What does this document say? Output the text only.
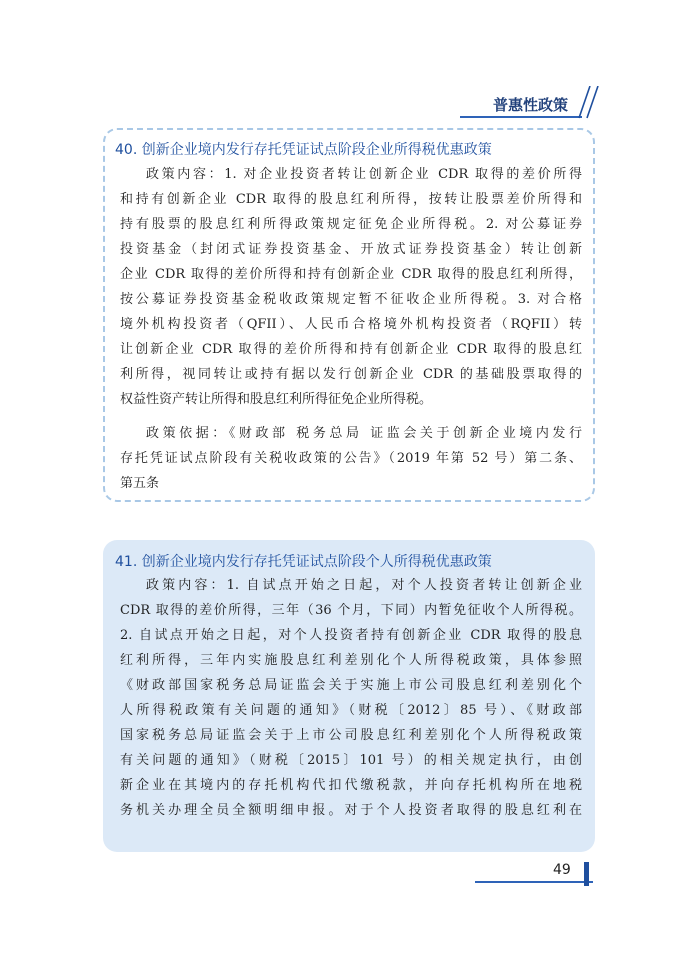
普惠性政策
40. 创新企业境内发行存托凭证试点阶段企业所得税优惠政策
政策内容：1. 对企业投资者转让创新企业 CDR 取得的差价所得
和持有创新企业 CDR 取得的股息红利所得，按转让股票差价所得和
持有股票的股息红利所得政策规定征免企业所得税。2. 对公募证券
投资基金（封闭式证券投资基金、开放式证券投资基金）转让创新
企业 CDR 取得的差价所得和持有创新企业 CDR 取得的股息红利所得，
按公募证券投资基金税收政策规定暂不征收企业所得税。3. 对合格
境外机构投资者（QFII）、人民币合格境外机构投资者（RQFII）转
让创新企业 CDR 取得的差价所得和持有创新企业 CDR 取得的股息红
利所得，视同转让或持有据以发行创新企业 CDR 的基础股票取得的
权益性资产转让所得和股息红利所得征免企业所得税。
政策依据：《财政部 税务总局 证监会关于创新企业境内发行
存托凭证试点阶段有关税收政策的公告》（2019 年第 52 号）第二条、
第五条
41. 创新企业境内发行存托凭证试点阶段个人所得税优惠政策
政策内容：1. 自试点开始之日起，对个人投资者转让创新企业
CDR 取得的差价所得，三年（36 个月，下同）内暂免征收个人所得税。
2. 自试点开始之日起，对个人投资者持有创新企业 CDR 取得的股息
红利所得，三年内实施股息红利差别化个人所得税政策，具体参照
《财政部国家税务总局证监会关于实施上市公司股息红利差别化个
人所得税政策有关问题的通知》（财税〔2012〕85 号）、《财政部
国家税务总局证监会关于上市公司股息红利差别化个人所得税政策
有关问题的通知》（财税〔2015〕101 号）的相关规定执行，由创
新企业在其境内的存托机构代扣代缴税款，并向存托机构所在地税
务机关办理全员全额明细申报。对于个人投资者取得的股息红利在
49
